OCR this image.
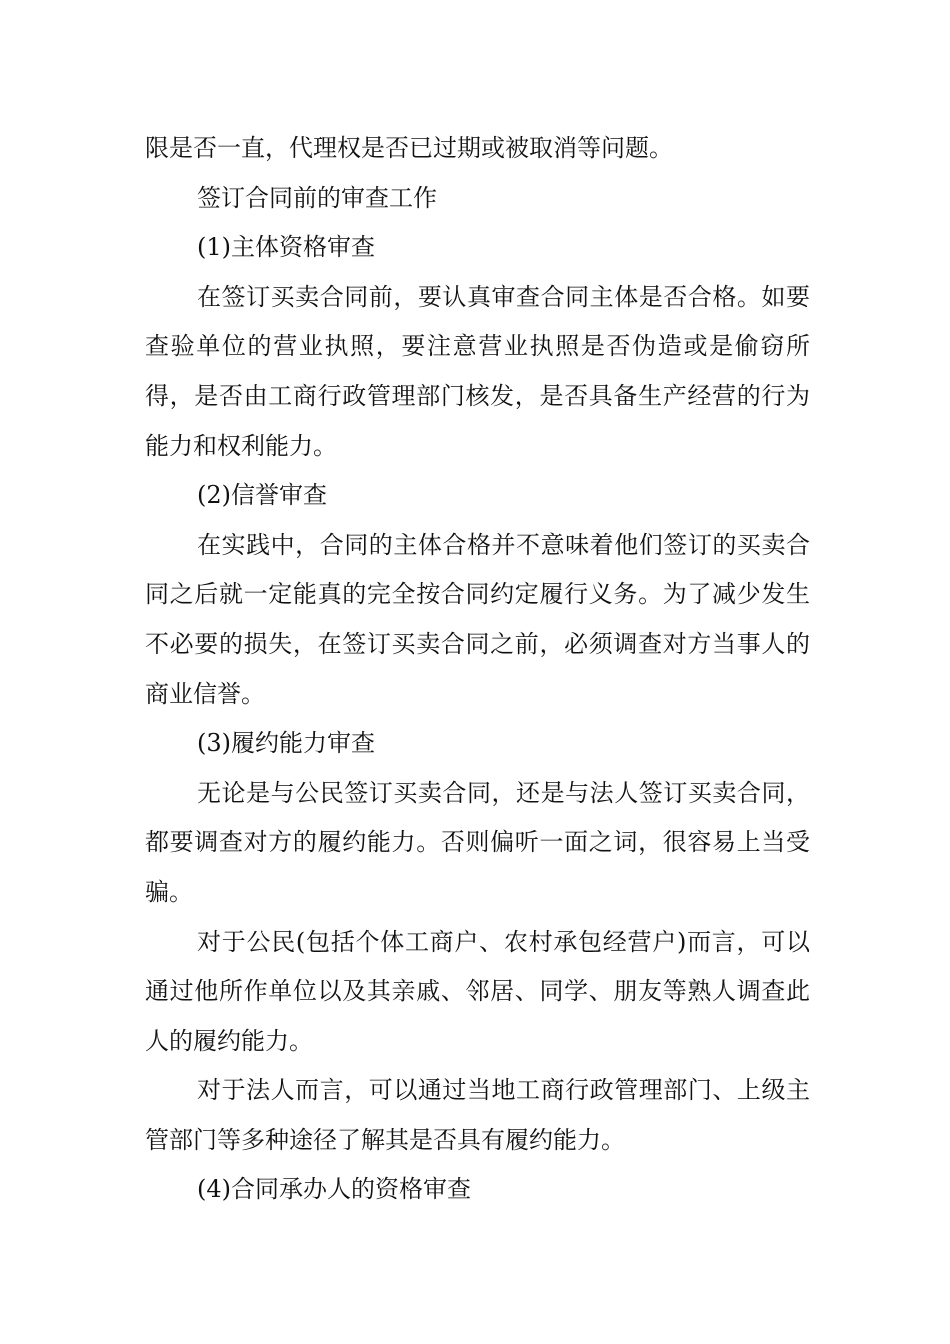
限是否一直，代理权是否已过期或被取消等问题。

签订合同前的审查工作

(1)主体资格审查

在签订买卖合同前，要认真审查合同主体是否合格。如要查验单位的营业执照，要注意营业执照是否伪造或是偷窃所得，是否由工商行政管理部门核发，是否具备生产经营的行为能力和权利能力。

(2)信誉审查

在实践中，合同的主体合格并不意味着他们签订的买卖合同之后就一定能真的完全按合同约定履行义务。为了减少发生不必要的损失，在签订买卖合同之前，必须调查对方当事人的商业信誉。

(3)履约能力审查

无论是与公民签订买卖合同，还是与法人签订买卖合同，都要调查对方的履约能力。否则偏听一面之词，很容易上当受骗。

对于公民(包括个体工商户、农村承包经营户)而言，可以通过他所作单位以及其亲戚、邻居、同学、朋友等熟人调查此人的履约能力。

对于法人而言，可以通过当地工商行政管理部门、上级主管部门等多种途径了解其是否具有履约能力。

(4)合同承办人的资格审查
